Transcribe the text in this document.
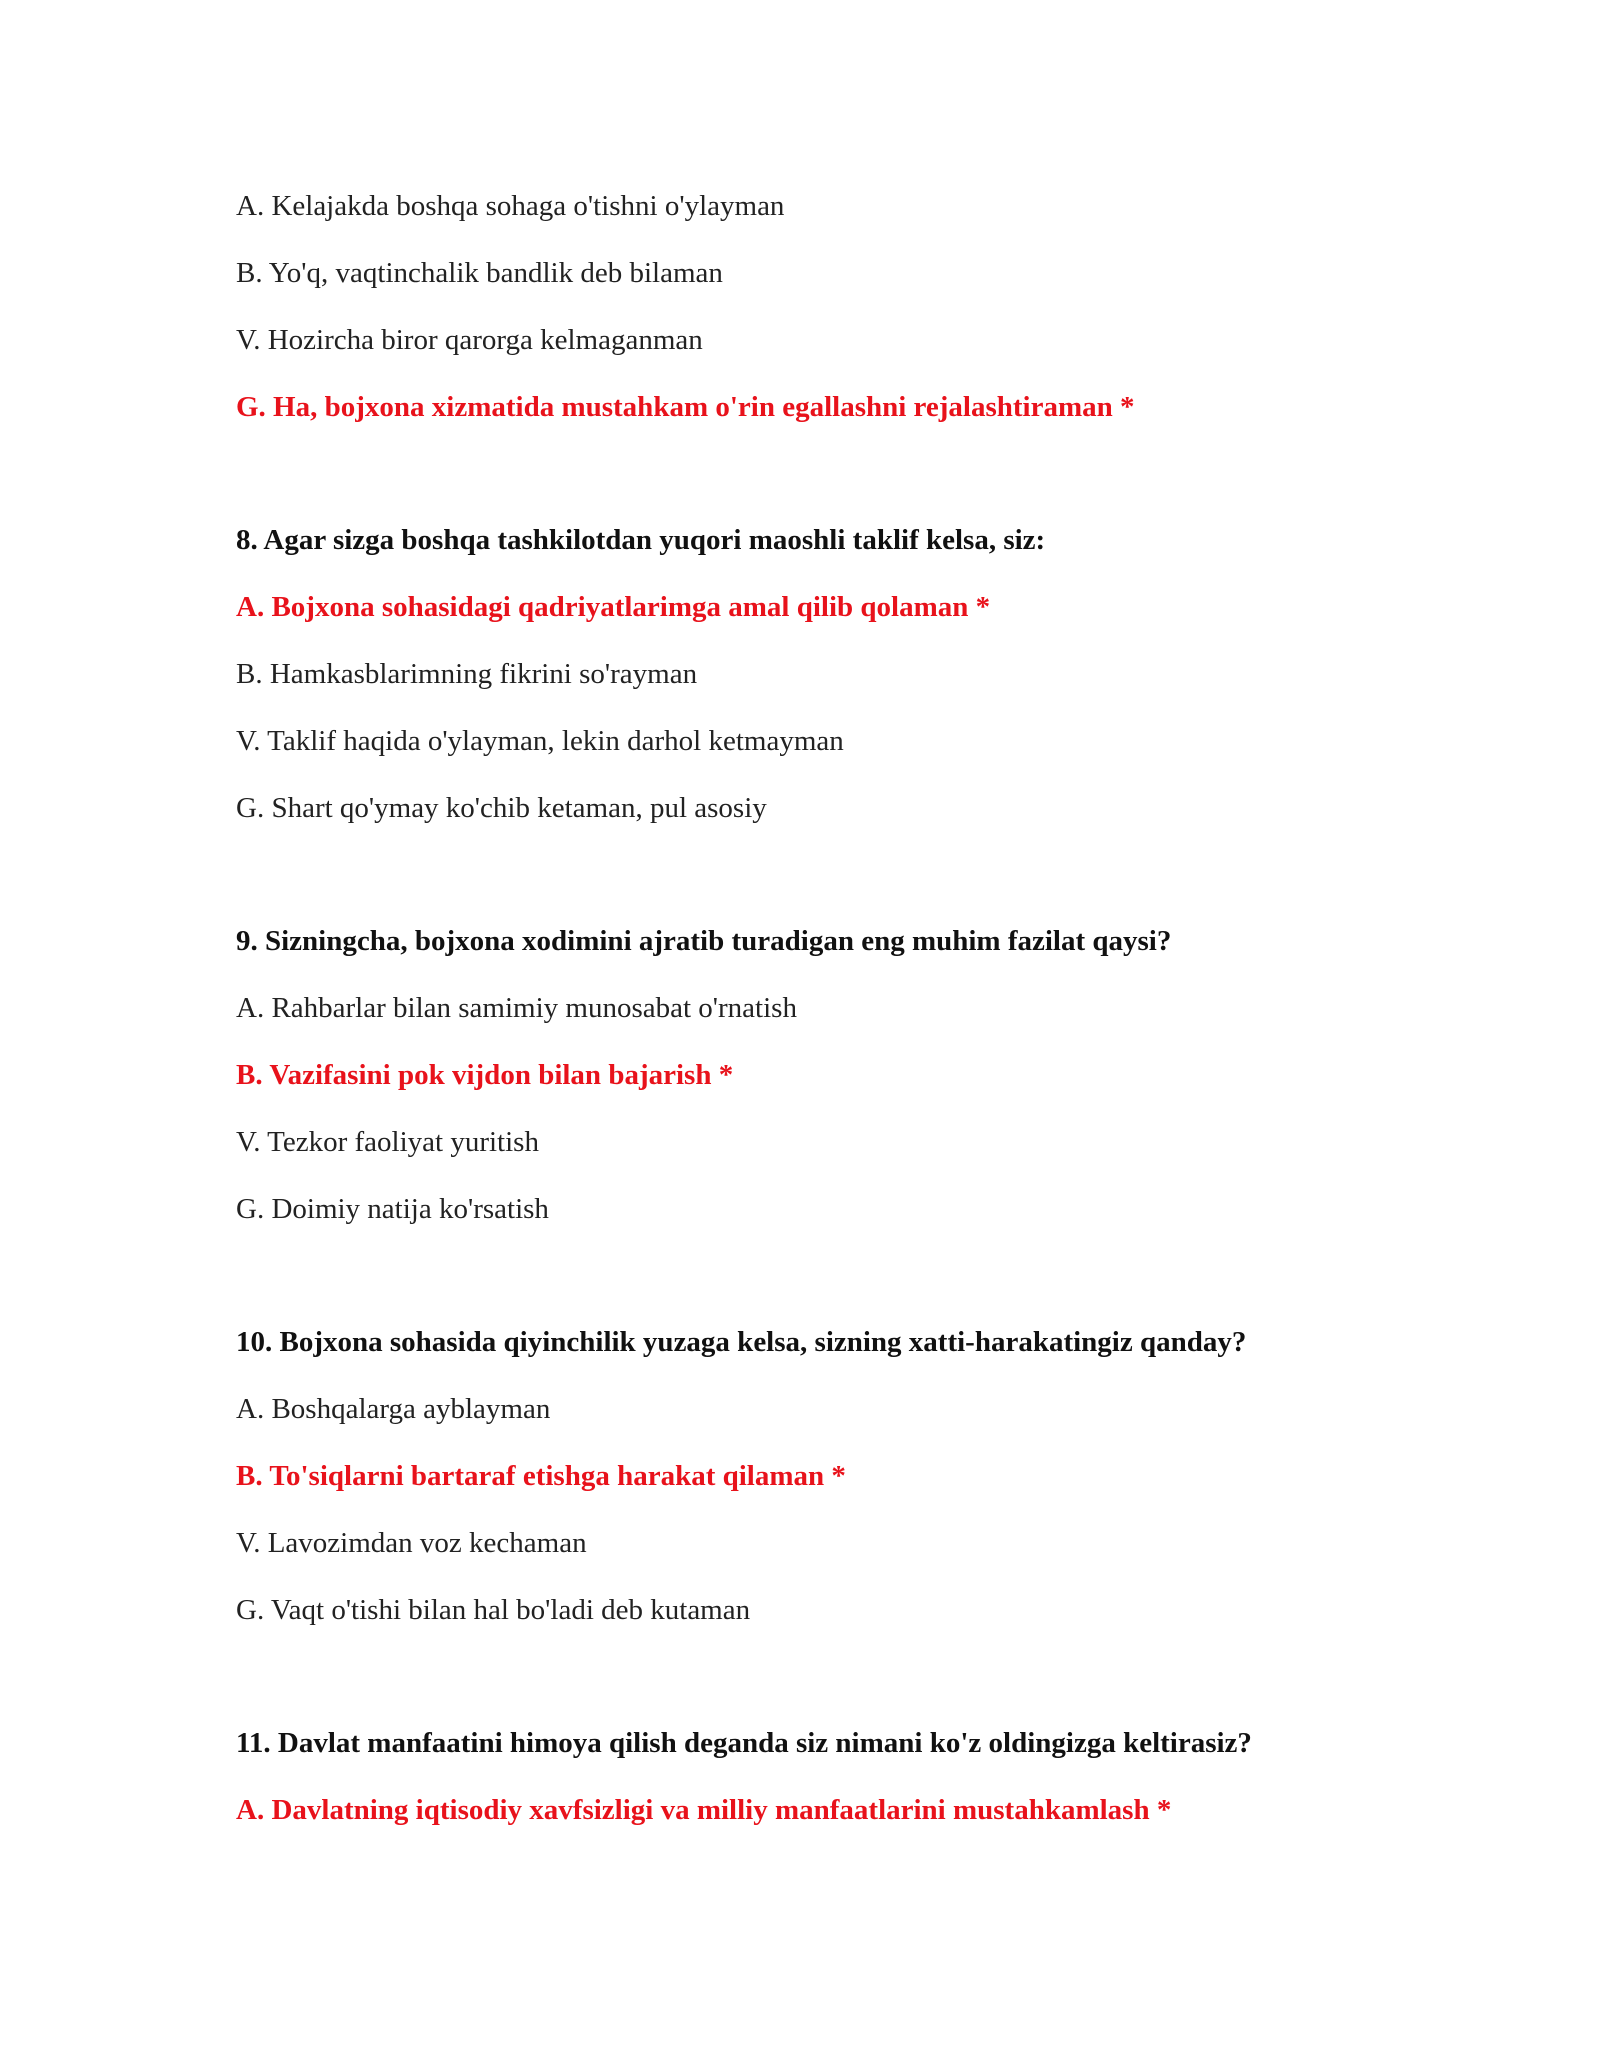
A. Kelajakda boshqa sohaga o'tishni o'ylayman
B. Yo'q, vaqtinchalik bandlik deb bilaman
V. Hozircha biror qarorga kelmaganman
G. Ha, bojxona xizmatida mustahkam o'rin egallashni rejalashtiraman *
8. Agar sizga boshqa tashkilotdan yuqori maoshli taklif kelsa, siz:
A. Bojxona sohasidagi qadriyatlarimga amal qilib qolaman *
B. Hamkasblarimning fikrini so'rayman
V. Taklif haqida o'ylayman, lekin darhol ketmayman
G. Shart qo'ymay ko'chib ketaman, pul asosiy
9. Sizningcha, bojxona xodimini ajratib turadigan eng muhim fazilat qaysi?
A. Rahbarlar bilan samimiy munosabat o'rnatish
B. Vazifasini pok vijdon bilan bajarish *
V. Tezkor faoliyat yuritish
G. Doimiy natija ko'rsatish
10. Bojxona sohasida qiyinchilik yuzaga kelsa, sizning xatti-harakatingiz qanday?
A. Boshqalarga ayblayman
B. To'siqlarni bartaraf etishga harakat qilaman *
V. Lavozimdan voz kechaman
G. Vaqt o'tishi bilan hal bo'ladi deb kutaman
11. Davlat manfaatini himoya qilish deganda siz nimani ko'z oldingizga keltirasiz?
A. Davlatning iqtisodiy xavfsizligi va milliy manfaatlarini mustahkamlash *
